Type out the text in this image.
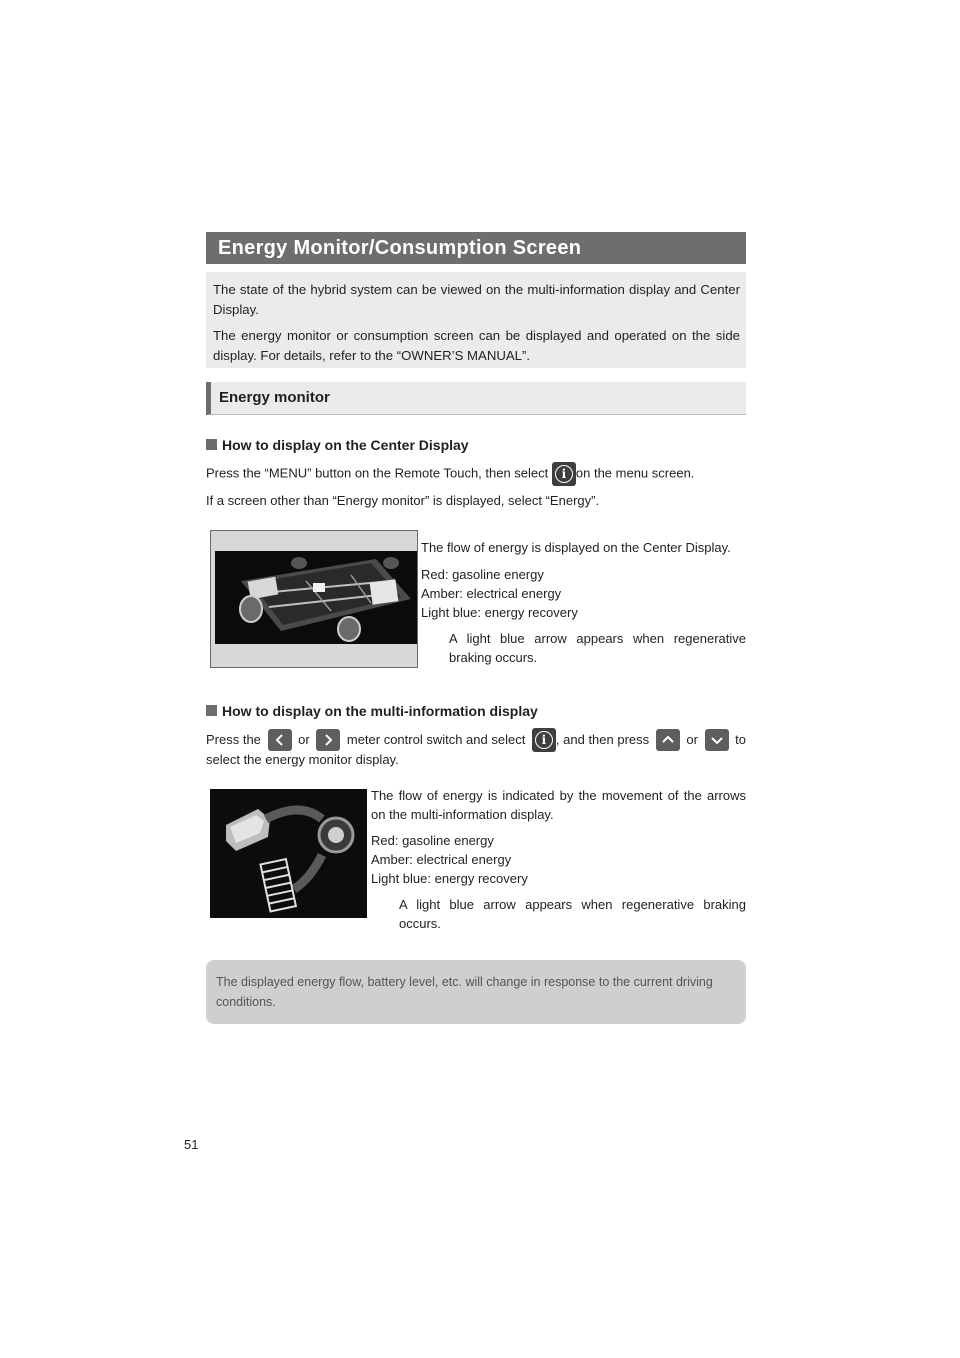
Energy Monitor/Consumption Screen

The state of the hybrid system can be viewed on the multi-information display and Center Display.

The energy monitor or consumption screen can be displayed and operated on the side display. For details, refer to the “OWNER’S MANUAL”.

Energy monitor
How to display on the Center Display
Press the “MENU” button on the Remote Touch, then select	i on the menu screen.
If a screen other than “Energy monitor” is displayed, select “Energy”.

The flow of energy is displayed on the Center Display.

Red: gasoline energy

Amber: electrical energy

Light blue: energy recovery

A light blue arrow appears when regenerative braking occurs.

How to display on the multi-information display
Press the	or	meter control switch and select	i , and then press	or	to
select the energy monitor display.

The flow of energy is indicated by the movement of the arrows on the multi-information display.

Red: gasoline energy

Amber: electrical energy

Light blue: energy recovery

A light blue arrow appears when regenerative braking occurs.

The displayed energy flow, battery level, etc. will change in response to the current driving conditions.
51
